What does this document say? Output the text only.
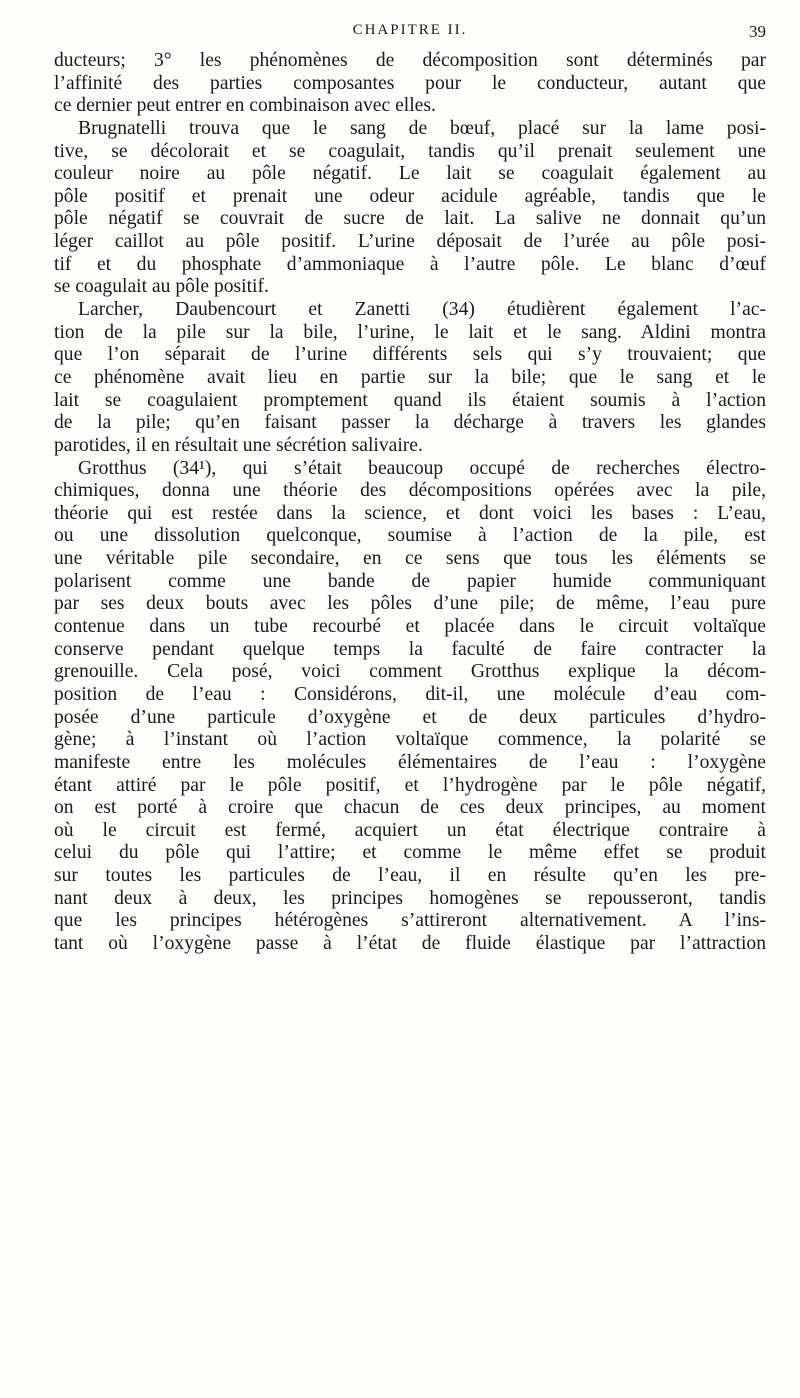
CHAPITRE II.	39
ducteurs; 3° les phénomènes de décomposition sont déterminés par
l’affinité des parties composantes pour le conducteur, autant que
ce dernier peut entrer en combinaison avec elles.
Brugnatelli trouva que le sang de bœuf, placé sur la lame posi-
tive, se décolorait et se coagulait, tandis qu’il prenait seulement une
couleur noire au pôle négatif. Le lait se coagulait également au
pôle positif et prenait une odeur acidule agréable, tandis que le
pôle négatif se couvrait de sucre de lait. La salive ne donnait qu’un
léger caillot au pôle positif. L’urine déposait de l’urée au pôle posi-
tif et du phosphate d’ammoniaque à l’autre pôle. Le blanc d’œuf
se coagulait au pôle positif.
Larcher, Daubencourt et Zanetti (34) étudièrent également l’ac-
tion de la pile sur la bile, l’urine, le lait et le sang. Aldini montra
que l’on séparait de l’urine différents sels qui s’y trouvaient; que
ce phénomène avait lieu en partie sur la bile; que le sang et le
lait se coagulaient promptement quand ils étaient soumis à l’action
de la pile; qu’en faisant passer la décharge à travers les glandes
parotides, il en résultait une sécrétion salivaire.
Grotthus (34¹), qui s’était beaucoup occupé de recherches électro-
chimiques, donna une théorie des décompositions opérées avec la pile,
théorie qui est restée dans la science, et dont voici les bases : L’eau,
ou une dissolution quelconque, soumise à l’action de la pile, est
une véritable pile secondaire, en ce sens que tous les éléments se
polarisent comme une bande de papier humide communiquant
par ses deux bouts avec les pôles d’une pile; de même, l’eau pure
contenue dans un tube recourbé et placée dans le circuit voltaïque
conserve pendant quelque temps la faculté de faire contracter la
grenouille. Cela posé, voici comment Grotthus explique la décom-
position de l’eau : Considérons, dit-il, une molécule d’eau com-
posée d’une particule d’oxygène et de deux particules d’hydro-
gène; à l’instant où l’action voltaïque commence, la polarité se
manifeste entre les molécules élémentaires de l’eau : l’oxygène
étant attiré par le pôle positif, et l’hydrogène par le pôle négatif,
on est porté à croire que chacun de ces deux principes, au moment
où le circuit est fermé, acquiert un état électrique contraire à
celui du pôle qui l’attire; et comme le même effet se produit
sur toutes les particules de l’eau, il en résulte qu’en les pre-
nant deux à deux, les principes homogènes se repousseront, tandis
que les principes hétérogènes s’attireront alternativement. A l’ins-
tant où l’oxygène passe à l’état de fluide élastique par l’attraction
